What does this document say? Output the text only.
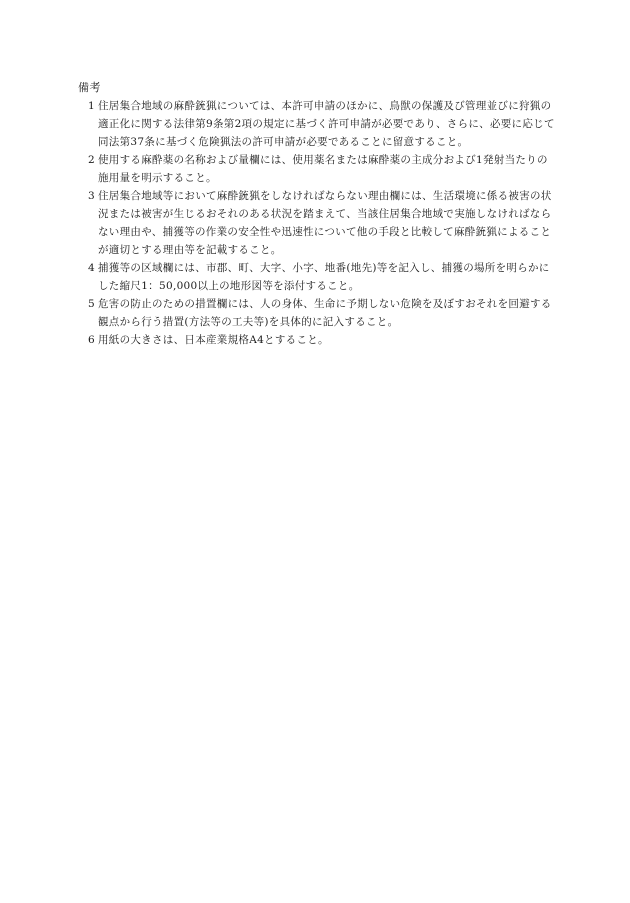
備考
1 住居集合地域の麻酔銃猟については、本許可申請のほかに、鳥獣の保護及び管理並びに狩猟の適正化に関する法律第9条第2項の規定に基づく許可申請が必要であり、さらに、必要に応じて同法第37条に基づく危険猟法の許可申請が必要であることに留意すること。
2 使用する麻酔薬の名称および量欄には、使用薬名または麻酔薬の主成分および1発射当たりの施用量を明示すること。
3 住居集合地域等において麻酔銃猟をしなければならない理由欄には、生活環境に係る被害の状況または被害が生じるおそれのある状況を踏まえて、当該住居集合地域で実施しなければならない理由や、捕獲等の作業の安全性や迅速性について他の手段と比較して麻酔銃猟によることが適切とする理由等を記載すること。
4 捕獲等の区域欄には、市郡、町、大字、小字、地番(地先)等を記入し、捕獲の場所を明らかにした縮尺1：50,000以上の地形図等を添付すること。
5 危害の防止のための措置欄には、人の身体、生命に予期しない危険を及ぼすおそれを回避する観点から行う措置(方法等の工夫等)を具体的に記入すること。
6 用紙の大きさは、日本産業規格A4とすること。
